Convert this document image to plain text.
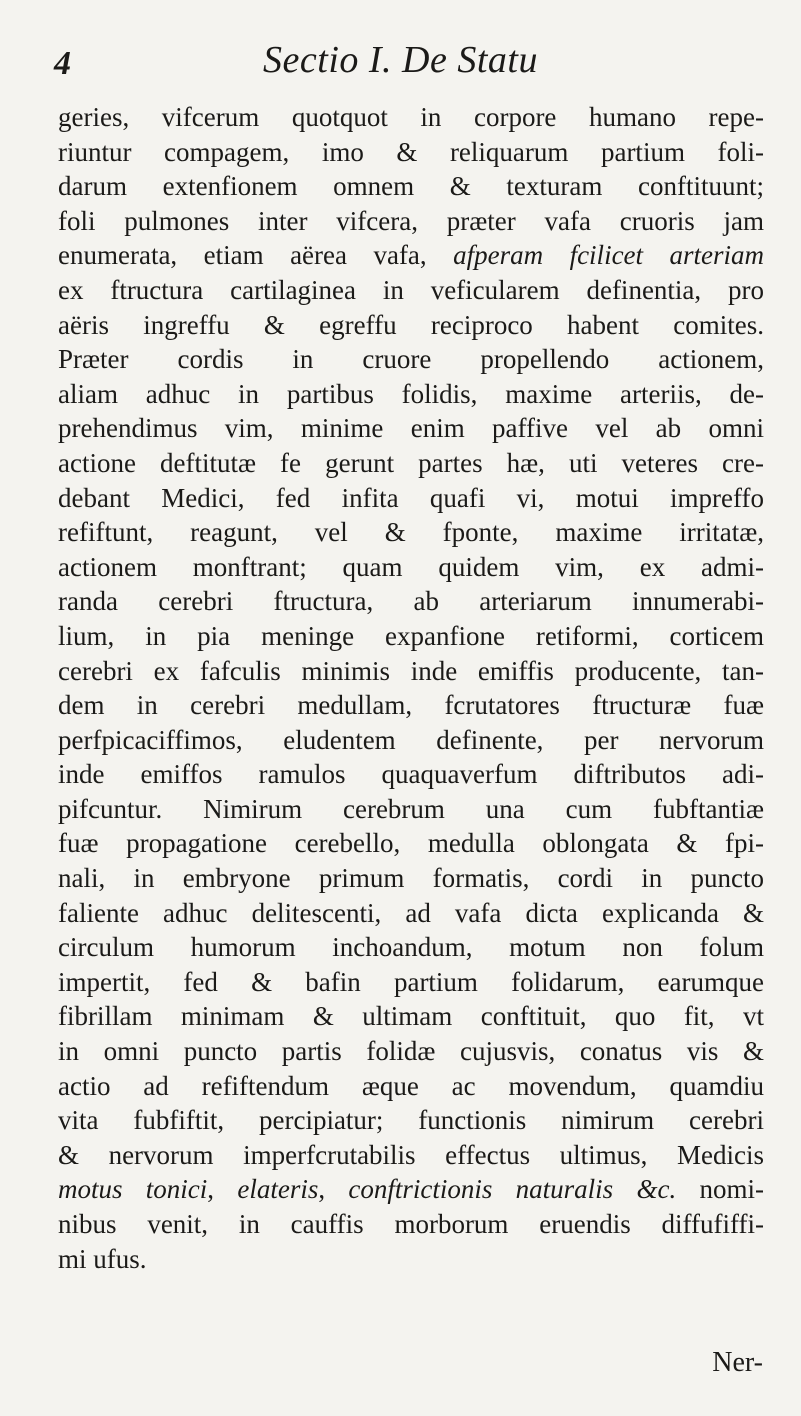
4	Sectio I. De Statu
geries, vifcerum quotquot in corpore humano repe-
riuntur compagem, imo & reliquarum partium foli-
darum extenfionem omnem & texturam conftituunt;
foli pulmones inter vifcera, præter vafa cruoris jam
enumerata, etiam aërea vafa, afperam fcilicet arteriam
ex ftructura cartilaginea in veficularem definentia, pro
aëris ingreffu & egreffu reciproco habent comites.
Præter cordis in cruore propellendo actionem,
aliam adhuc in partibus folidis, maxime arteriis, de-
prehendimus vim, minime enim paffive vel ab omni
actione deftitutæ fe gerunt partes hæ, uti veteres cre-
debant Medici, fed infita quafi vi, motui impreffo
refiftunt, reagunt, vel & fponte, maxime irritatæ,
actionem monftrant; quam quidem vim, ex admi-
randa cerebri ftructura, ab arteriarum innumerabi-
lium, in pia meninge expanfione retiformi, corticem
cerebri ex fafculis minimis inde emiffis producente, tan-
dem in cerebri medullam, fcrutatores ftructuræ fuæ
perfpicaciffimos, eludentem definente, per nervorum
inde emiffos ramulos quaquaverfum diftributos adi-
pifcuntur. Nimirum cerebrum una cum fubftantiæ
fuæ propagatione cerebello, medulla oblongata & fpi-
nali, in embryone primum formatis, cordi in puncto
faliente adhuc delitescenti, ad vafa dicta explicanda &
circulum humorum inchoandum, motum non folum
impertit, fed & bafin partium folidarum, earumque
fibrillam minimam & ultimam conftituit, quo fit, vt
in omni puncto partis folidæ cujusvis, conatus vis &
actio ad refiftendum æque ac movendum, quamdiu
vita fubfiftit, percipiatur; functionis nimirum cerebri
& nervorum imperfcrutabilis effectus ultimus, Medicis
motus tonici, elateris, conftrictionis naturalis &c. nomi-
nibus venit, in cauffis morborum eruendis diffufiffi-
mi ufus.
Ner-
